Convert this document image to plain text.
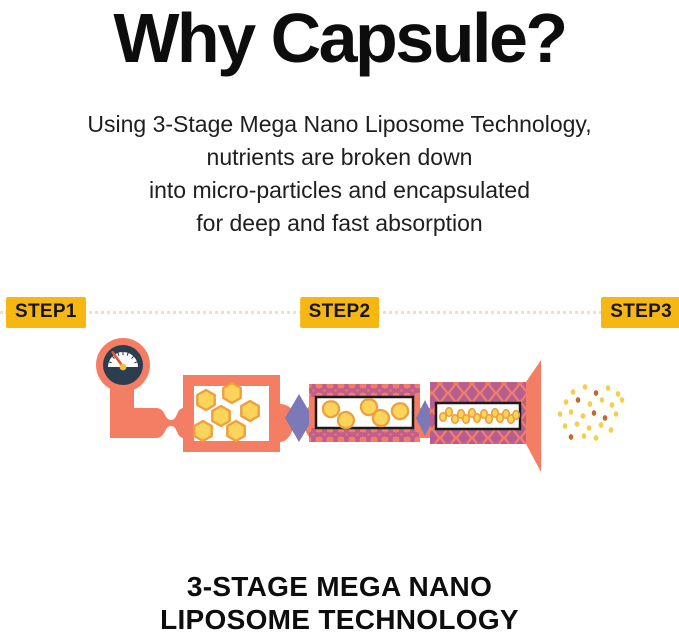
Why Capsule?
Using 3-Stage Mega Nano Liposome Technology,
nutrients are broken down
into micro-particles and encapsulated
for deep and fast absorption
STEP1	STEP2	STEP3
3-STAGE MEGA NANO
LIPOSOME TECHNOLOGY
